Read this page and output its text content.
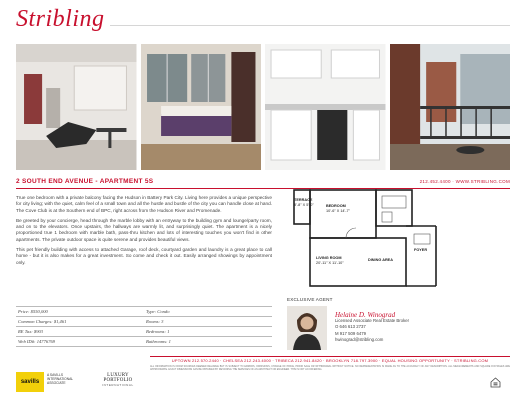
Stribling
2 SOUTH END AVENUE - APARTMENT 5S	212.452.4400 · WWW.STRIBLING.COM

True one bedroom with a private balcony facing the Hudson in Battery Park City. Living here provides a unique perspective for city living; with the quiet, calm feel of a small town and all the hustle and bustle of the city you can handle close at hand. The Cove Club is at the Southern end of BPC, right across from the Hudson River and Promenade.

Be greeted by your concierge, head through the marble lobby with an entryway to the building gym and lounge/party room, and on to the elevators. Once upstairs, the hallways are warmly lit, and surprisingly quiet. The apartment is a nicely proportioned true 1 bedroom with marble bath, pass-thru kitchen and lots of interesting touches you won't find in other apartments. The private outdoor space is quite serene and provides beautiful views.

This pet friendly building with access to attached Garage, roof deck, courtyard garden and laundry is a great place to call home - but it is also makes for a great investment. So come and check it out. Easily arranged showings by appointment only.

Price: $550,000	Type: Condo
Common Charges: $1,461	Rooms: 3
RE Tax: $903	Bedrooms: 1
Web ID#: 14776769	Bathrooms: 1
TERRACE
8'-8" X 5'-0"	BEDROOM
10'-6" X 14'-7"
LIVING ROOM
20'-11" X 11'-10"
DINING AREA
FOYER
EXCLUSIVE AGENT
Helaine D. Winograd
Licensed Associate Real Estate Broker
O 646 613 2737
M 917 509 6479
hwinograd@stribling.com
UPTOWN 212.570.2440 · CHELSEA 212.243.4000 · TRIBECA 212.941.8420 · BROOKLYN 718.797.3900 · EQUAL HOUSING OPPORTUNITY · STRIBLING.COM
ALL INFORMATION IS FROM SOURCES DEEMED RELIABLE BUT IS SUBJECT TO ERRORS, OMISSIONS, CHANGE OF PRICE, PRIOR SALE OR WITHDRAWAL WITHOUT NOTICE. NO REPRESENTATION IS MADE AS TO THE ACCURACY OF ANY DESCRIPTION. ALL MEASUREMENTS AND SQUARE FOOTAGES ARE APPROXIMATE. EXACT DIMENSIONS CAN BE OBTAINED BY RETAINING THE SERVICES OF AN ARCHITECT OR ENGINEER. THIS IS NOT AN OFFERING.
savills
A SAVILLS INTERNATIONAL ASSOCIATE
LUXURY PORTFOLIO
INTERNATIONAL
